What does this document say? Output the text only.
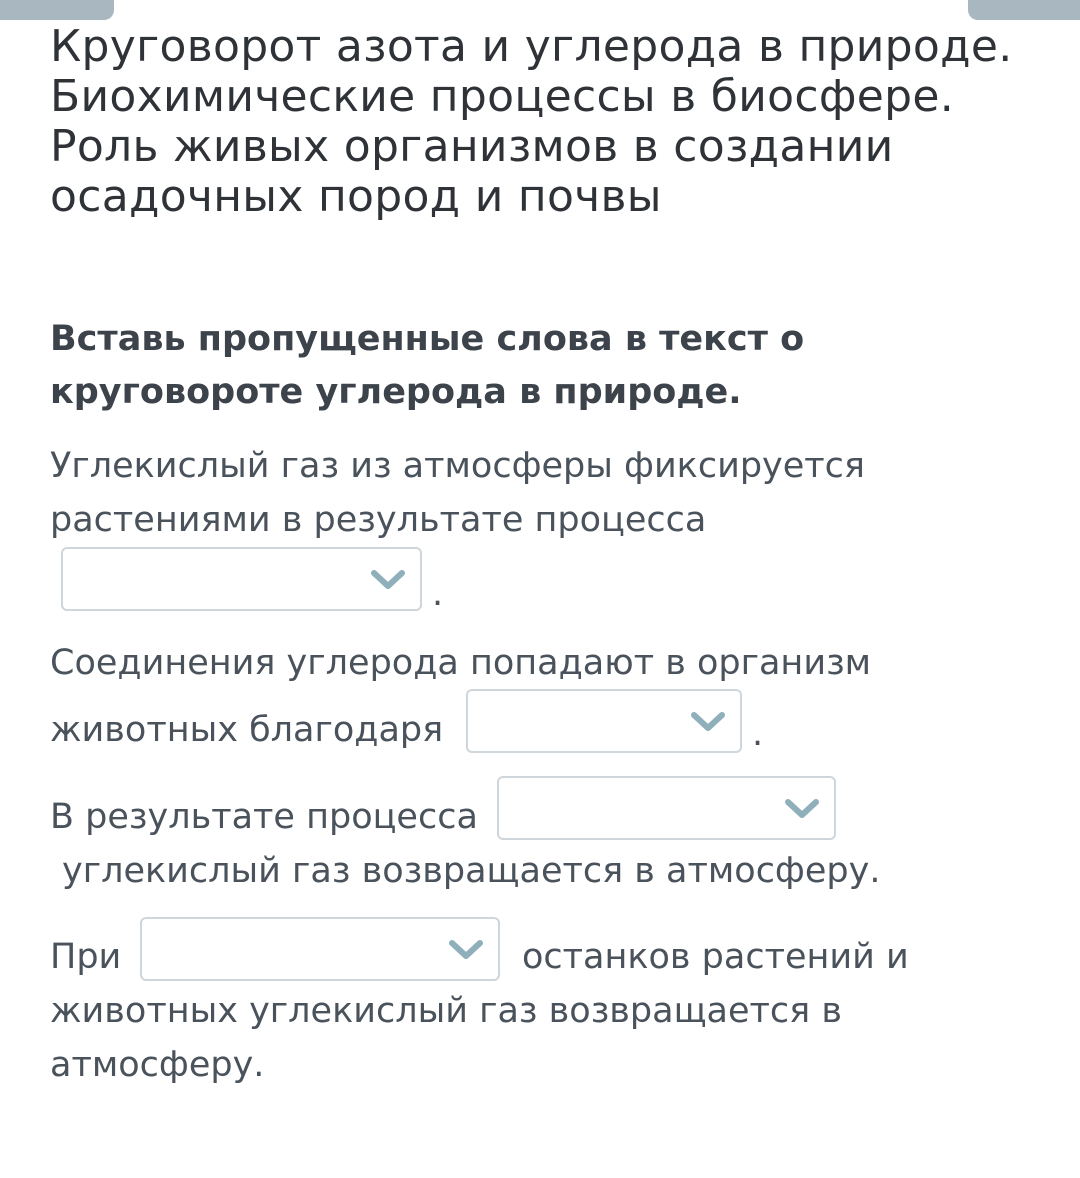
Круговорот азота и углерода в природе. Биохимические процессы в биосфере. Роль живых организмов в создании осадочных пород и почвы
Вставь пропущенные слова в текст о круговороте углерода в природе.
Углекислый газ из атмосферы фиксируется
растениями в результате процесса
.
Соединения углерода попадают в организм
животных благодаря	.
В результате процесса
углекислый газ возвращается в атмосферу.
При	останков растений и
животных углекислый газ возвращается в
атмосферу.
